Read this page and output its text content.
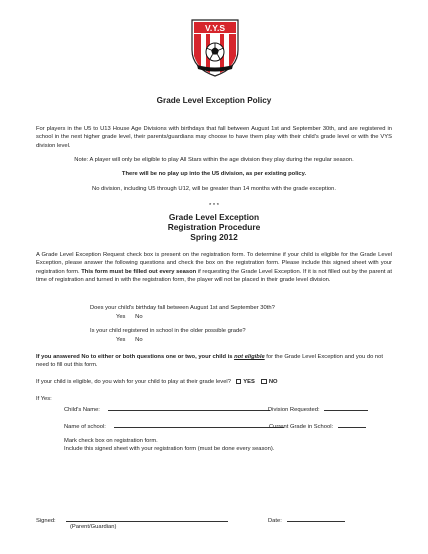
V.Y.S
Grade Level Exception Policy
For players in the U5 to U13 House Age Divisions with birthdays that fall between August 1st and September 30th, and are registered in school in the next higher grade level, their parents/guardians may choose to have them play with their child's grade level or with the VYS division level.
Note: A player will only be eligible to play All Stars within the age division they play during the regular season.
There will be no play up into the U5 division, as per existing policy.
No division, including U5 through U12, will be greater than 14 months with the grade exception.
* * *
Grade Level Exception
Registration Procedure
Spring 2012
A Grade Level Exception Request check box is present on the registration form. To determine if your child is eligible for the Grade Level Exception, please answer the following questions and check the box on the registration form. Please include this signed sheet with your registration form. This form must be filled out every season if requesting the Grade Level Exception. If it is not filled out by the parent at time of registration and turned in with the registration form, the player will not be placed in their grade level division.
Does your child's birthday fall between August 1st and September 30th?
Yes No
Is your child registered in school in the older possible grade?
Yes No
If you answered No to either or both questions one or two, your child is not eligible for the Grade Level Exception and you do not need to fill out this form.
If your child is eligible, do you wish for your child to play at their grade level? YES NO
If Yes:
Child's Name:	Division Requested:
Name of school:	Current Grade in School:
Mark check box on registration form.
Include this signed sheet with your registration form (must be done every season).
Signed:
(Parent/Guardian)
Date:
